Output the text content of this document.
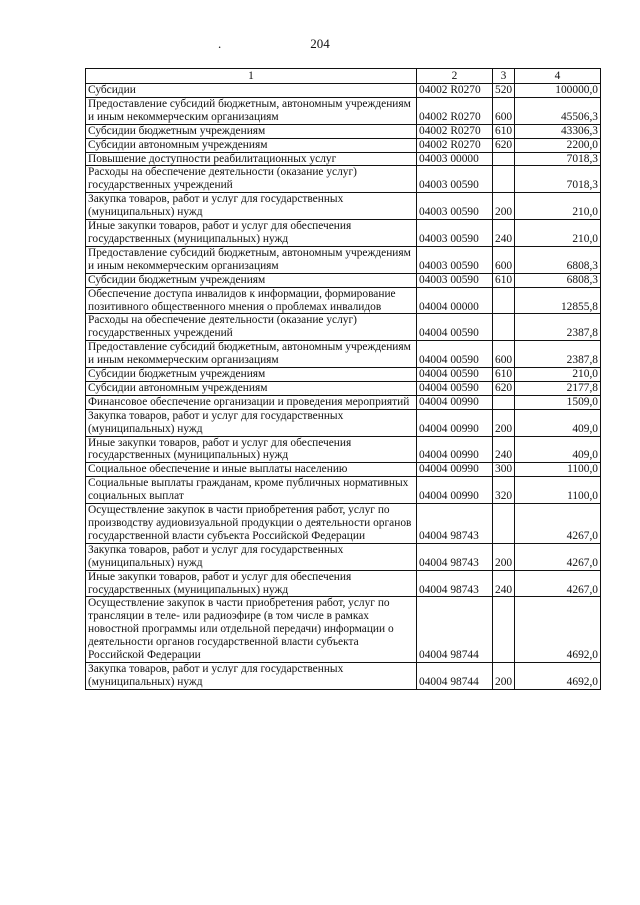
204
.
1	2	3	4
Субсидии	04002 R0270	520	100000,0
Предоставление субсидий бюджетным, автономным учреждениям и иным некоммерческим организациям	04002 R0270	600	45506,3
Субсидии бюджетным учреждениям	04002 R0270	610	43306,3
Субсидии автономным учреждениям	04002 R0270	620	2200,0
Повышение доступности реабилитационных услуг	04003 00000		7018,3
Расходы на обеспечение деятельности (оказание услуг) государственных учреждений	04003 00590		7018,3
Закупка товаров, работ и услуг для государственных (муниципальных) нужд	04003 00590	200	210,0
Иные закупки товаров, работ и услуг для обеспечения государственных (муниципальных) нужд	04003 00590	240	210,0
Предоставление субсидий бюджетным, автономным учреждениям и иным некоммерческим организациям	04003 00590	600	6808,3
Субсидии бюджетным учреждениям	04003 00590	610	6808,3
Обеспечение доступа инвалидов к информации, формирование позитивного общественного мнения о проблемах инвалидов	04004 00000		12855,8
Расходы на обеспечение деятельности (оказание услуг) государственных учреждений	04004 00590		2387,8
Предоставление субсидий бюджетным, автономным учреждениям и иным некоммерческим организациям	04004 00590	600	2387,8
Субсидии бюджетным учреждениям	04004 00590	610	210,0
Субсидии автономным учреждениям	04004 00590	620	2177,8
Финансовое обеспечение организации и проведения мероприятий	04004 00990		1509,0
Закупка товаров, работ и услуг для государственных (муниципальных) нужд	04004 00990	200	409,0
Иные закупки товаров, работ и услуг для обеспечения государственных (муниципальных) нужд	04004 00990	240	409,0
Социальное обеспечение и иные выплаты населению	04004 00990	300	1100,0
Социальные выплаты гражданам, кроме публичных нормативных социальных выплат	04004 00990	320	1100,0
Осуществление закупок в части приобретения работ, услуг по производству аудиовизуальной продукции о деятельности органов государственной власти субъекта Российской Федерации	04004 98743		4267,0
Закупка товаров, работ и услуг для государственных (муниципальных) нужд	04004 98743	200	4267,0
Иные закупки товаров, работ и услуг для обеспечения государственных (муниципальных) нужд	04004 98743	240	4267,0
Осуществление закупок в части приобретения работ, услуг по трансляции в теле- или радиоэфире (в том числе в рамках новостной программы или отдельной передачи) информации о деятельности органов государственной власти субъекта Российской Федерации	04004 98744		4692,0
Закупка товаров, работ и услуг для государственных (муниципальных) нужд	04004 98744	200	4692,0
